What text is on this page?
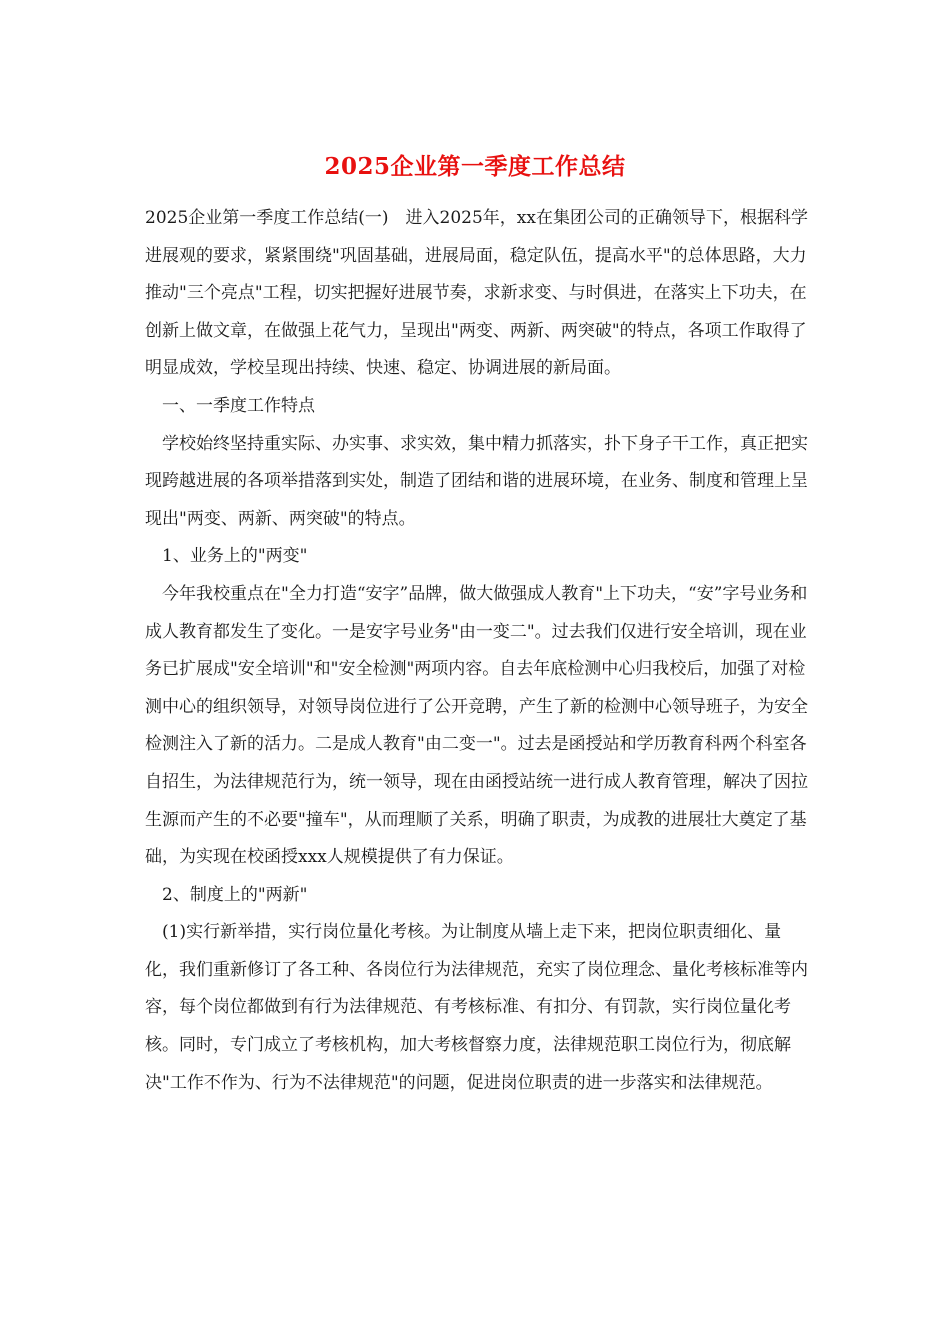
2025企业第一季度工作总结

2025企业第一季度工作总结(一)　进入2025年，xx在集团公司的正确领导下，根据科学进展观的要求，紧紧围绕"巩固基础，进展局面，稳定队伍，提高水平"的总体思路，大力推动"三个亮点"工程，切实把握好进展节奏，求新求变、与时俱进，在落实上下功夫，在创新上做文章，在做强上花气力，呈现出"两变、两新、两突破"的特点，各项工作取得了明显成效，学校呈现出持续、快速、稳定、协调进展的新局面。

一、一季度工作特点

学校始终坚持重实际、办实事、求实效，集中精力抓落实，扑下身子干工作，真正把实现跨越进展的各项举措落到实处，制造了团结和谐的进展环境，在业务、制度和管理上呈现出"两变、两新、两突破"的特点。

1、业务上的"两变"

今年我校重点在"全力打造“安字”品牌，做大做强成人教育"上下功夫，“安”字号业务和成人教育都发生了变化。一是安字号业务"由一变二"。过去我们仅进行安全培训，现在业务已扩展成"安全培训"和"安全检测"两项内容。自去年底检测中心归我校后，加强了对检测中心的组织领导，对领导岗位进行了公开竞聘，产生了新的检测中心领导班子，为安全检测注入了新的活力。二是成人教育"由二变一"。过去是函授站和学历教育科两个科室各自招生，为法律规范行为，统一领导，现在由函授站统一进行成人教育管理，解决了因拉生源而产生的不必要"撞车"，从而理顺了关系，明确了职责，为成教的进展壮大奠定了基础，为实现在校函授xxx人规模提供了有力保证。

2、制度上的"两新"

(1)实行新举措，实行岗位量化考核。为让制度从墙上走下来，把岗位职责细化、量化，我们重新修订了各工种、各岗位行为法律规范，充实了岗位理念、量化考核标准等内容，每个岗位都做到有行为法律规范、有考核标准、有扣分、有罚款，实行岗位量化考核。同时，专门成立了考核机构，加大考核督察力度，法律规范职工岗位行为，彻底解决"工作不作为、行为不法律规范"的问题，促进岗位职责的进一步落实和法律规范。
